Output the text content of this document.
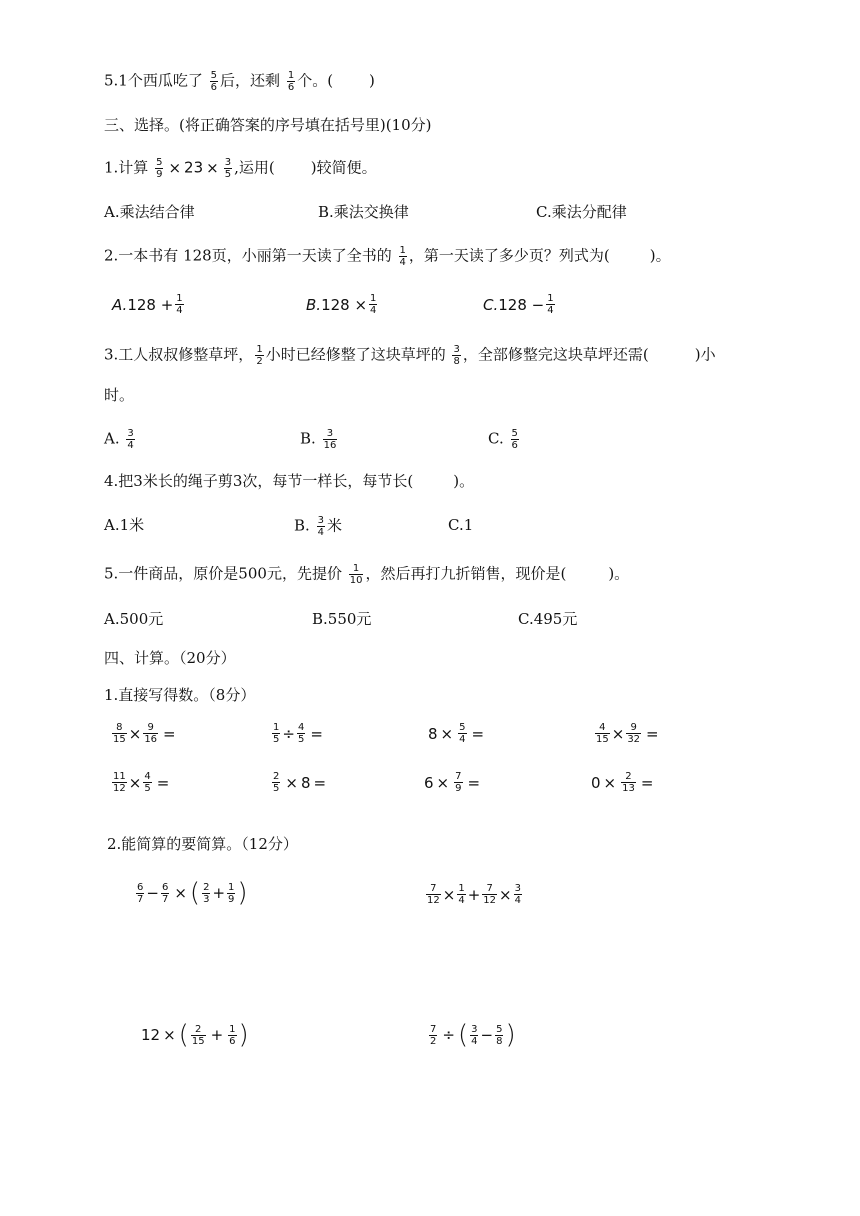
5.1个西瓜吃了 $\frac{5}{6}$ 后，还剩 $\frac{1}{6}$ 个。( )
三、选择。(将正确答案的序号填在括号里)(10分)
1.计算 $\frac{5}{9} \times 23 \times \frac{3}{5}$ ,运用( )较简便。
A.乘法结合律	B.乘法交换律	C.乘法分配律
2.一本书有 128页，小丽第一天读了全书的 $\frac{1}{4}$ ，第一天读了多少页？列式为(	)。
A. $128 + \frac{1}{4}$	B. $128 \times \frac{1}{4}$	C. $128 - \frac{1}{4}$
3.工人叔叔修整草坪， $\frac{1}{2}$ 小时已经修整了这块草坪的 $\frac{3}{8}$ ，全部修整完这块草坪还需(	)小
时。
A. $\frac{3}{4}$	B. $\frac{3}{16}$	C. $\frac{5}{6}$
4.把3米长的绳子剪3次，每节一样长，每节长(	)。
A.1米	B. $\frac{3}{4}$ 米	C.1
5.一件商品，原价是500元，先提价 $\frac{1}{10}$ ，然后再打九折销售，现价是(	)。
A.500元	B.550元	C.495元
四、计算。（20分）
1.直接写得数。（8分）
$\frac{8}{15} \times \frac{9}{16}$ =	$\frac{1}{5} \div \frac{4}{5}$ =	$8 \times \frac{5}{4}$ =	$\frac{4}{15} \times \frac{9}{32}$ =
$\frac{11}{12} \times \frac{4}{5}$ =	$\frac{2}{5} \times 8$ =	$6 \times \frac{7}{9}$ =	$0 \times \frac{2}{13}$ =
2.能简算的要简算。（12分）
$\frac{6}{7} - \frac{6}{7}$ × ( $\frac{2}{3} + \frac{1}{9}$ )	$\frac{7}{12} \times \frac{1}{4} + \frac{7}{12} \times \frac{3}{4}$
12 × ( $\frac{2}{15} + \frac{1}{6}$ )	$\frac{7}{2}$ ÷ ( $\frac{3}{4} - \frac{5}{8}$ )
